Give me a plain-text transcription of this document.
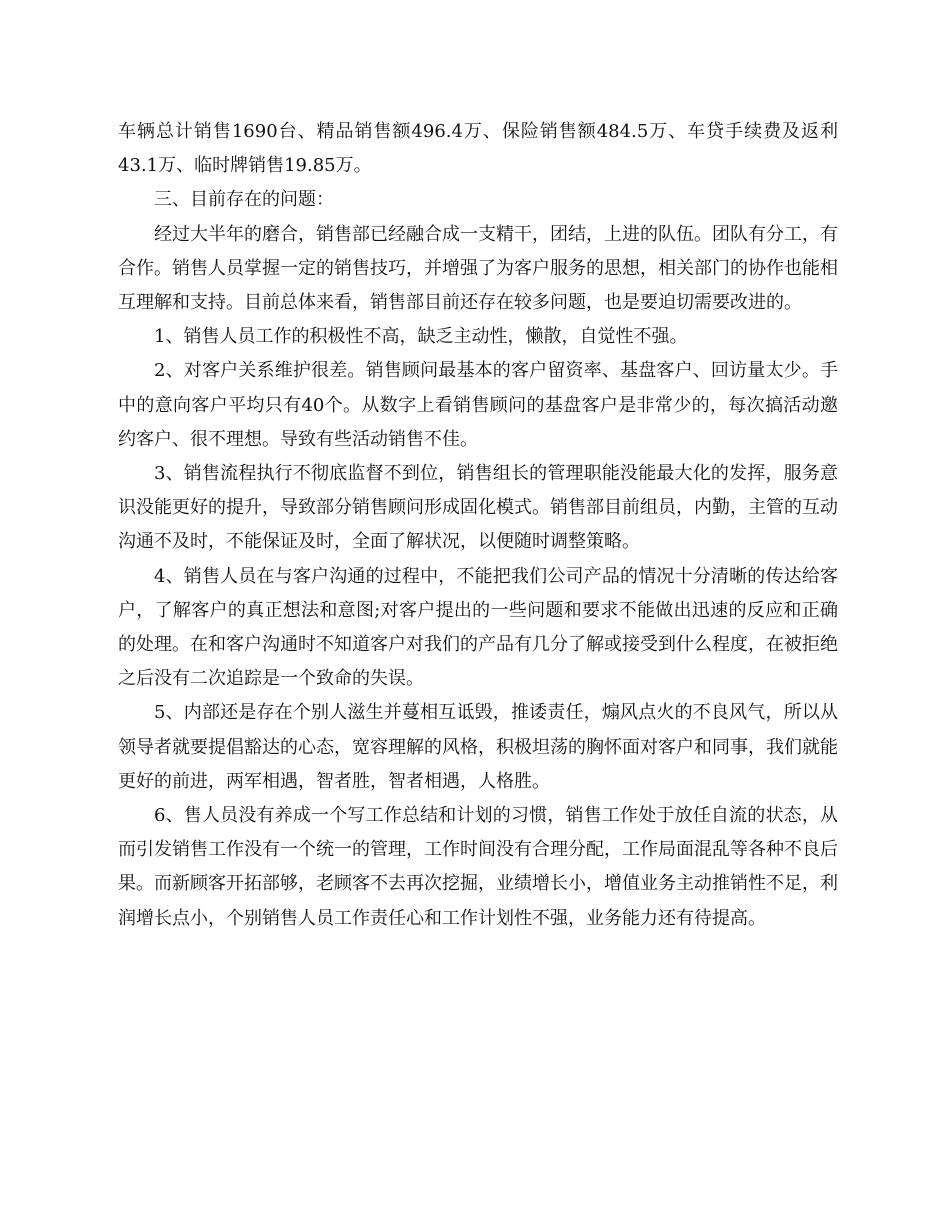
车辆总计销售1690台、精品销售额496.4万、保险销售额484.5万、车贷手续费及返利43.1万、临时牌销售19.85万。

三、目前存在的问题：

经过大半年的磨合，销售部已经融合成一支精干，团结，上进的队伍。团队有分工，有合作。销售人员掌握一定的销售技巧，并增强了为客户服务的思想，相关部门的协作也能相互理解和支持。目前总体来看，销售部目前还存在较多问题，也是要迫切需要改进的。

1、销售人员工作的积极性不高，缺乏主动性，懒散，自觉性不强。

2、对客户关系维护很差。销售顾问最基本的客户留资率、基盘客户、回访量太少。手中的意向客户平均只有40个。从数字上看销售顾问的基盘客户是非常少的，每次搞活动邀约客户、很不理想。导致有些活动销售不佳。

3、销售流程执行不彻底监督不到位，销售组长的管理职能没能最大化的发挥，服务意识没能更好的提升，导致部分销售顾问形成固化模式。销售部目前组员，内勤，主管的互动沟通不及时，不能保证及时，全面了解状况，以便随时调整策略。

4、销售人员在与客户沟通的过程中，不能把我们公司产品的情况十分清晰的传达给客户，了解客户的真正想法和意图;对客户提出的一些问题和要求不能做出迅速的反应和正确的处理。在和客户沟通时不知道客户对我们的产品有几分了解或接受到什么程度，在被拒绝之后没有二次追踪是一个致命的失误。

5、内部还是存在个别人滋生并蔓相互诋毁，推诿责任，煽风点火的不良风气，所以从领导者就要提倡豁达的心态，宽容理解的风格，积极坦荡的胸怀面对客户和同事，我们就能更好的前进，两军相遇，智者胜，智者相遇，人格胜。

6、售人员没有养成一个写工作总结和计划的习惯，销售工作处于放任自流的状态，从而引发销售工作没有一个统一的管理，工作时间没有合理分配，工作局面混乱等各种不良后果。而新顾客开拓部够，老顾客不去再次挖掘，业绩增长小，增值业务主动推销性不足，利润增长点小，个别销售人员工作责任心和工作计划性不强，业务能力还有待提高。
